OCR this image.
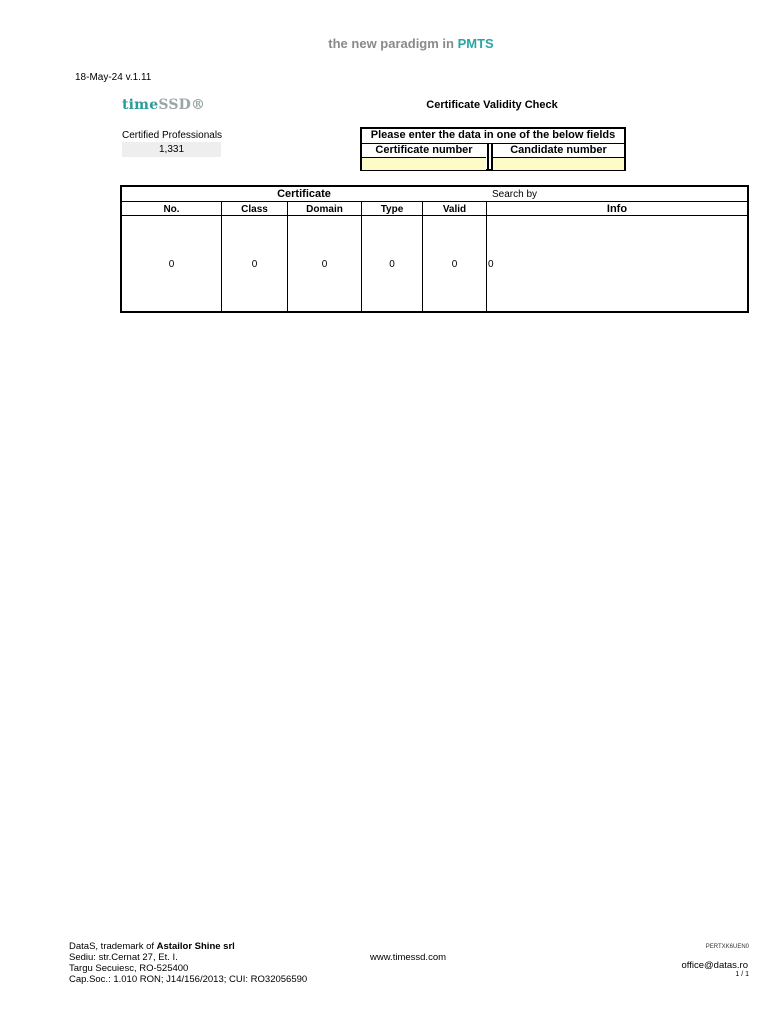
the new paradigm in PMTS
18-May-24 v.1.11
timeSSD®	Certificate Validity Check
Certified Professionals
1,331
Please enter the data in one of the below fields
Certificate number	Candidate number
Certificate	Search by
No.	Class	Domain	Type	Valid	Info
0	0	0	0	0	0
DataS, trademark of Astailor Shine srl
Sediu: str.Cernat 27, Et. I.
Targu Secuiesc, RO-525400
Cap.Soc.: 1.010 RON; J14/156/2013; CUI: RO32056590
www.timessd.com
PERTXK6UEN0
office@datas.ro
1 / 1
